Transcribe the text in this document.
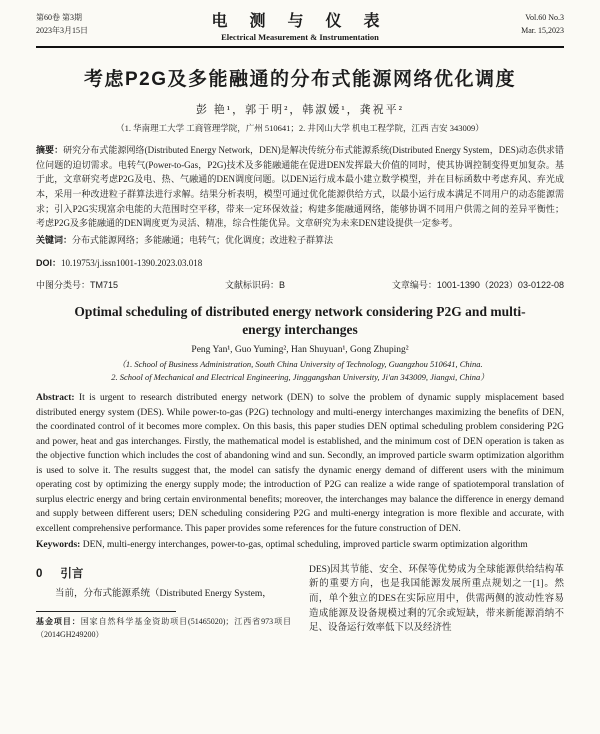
第60卷 第3期
2023年3月15日
电 测 与 仪 表
Electrical Measurement & Instrumentation
Vol.60 No.3
Mar. 15,2023
考虑P2G及多能融通的分布式能源网络优化调度
彭 艳¹，郭于明²，韩淑媛¹，龚祝平²
（1. 华南理工大学 工商管理学院，广州 510641；2. 井冈山大学 机电工程学院，江西 吉安 343009）

摘要：研究分布式能源网络(Distributed Energy Network，DEN)是解决传统分布式能源系统(Distributed Energy System，DES)动态供求错位问题的迫切需求。电转气(Power-to-Gas，P2G)技术及多能融通能在促进DEN发挥最大价值的同时，使其协调控制变得更加复杂。基于此，文章研究考虑P2G及电、热、气融通的DEN调度问题。以DEN运行成本最小建立数学模型，并在目标函数中考虑弃风、弃光成本，采用一种改进粒子群算法进行求解。结果分析表明，模型可通过优化能源供给方式，以最小运行成本满足不同用户的动态能源需求；引入P2G实现富余电能的大范围时空平移，带来一定环保效益；构建多能融通网络，能够协调不同用户供需之间的差异平衡性；考虑P2G及多能融通的DEN调度更为灵活、精准，综合性能优异。文章研究为未来DEN建设提供一定参考。

关键词：分布式能源网络；多能融通；电转气；优化调度；改进粒子群算法

DOI：10.19753/j.issn1001-1390.2023.03.018

中图分类号：TM715	文献标识码：B	文章编号：1001-1390（2023）03-0122-08
Optimal scheduling of distributed energy network considering P2G and multi-energy interchanges
Peng Yan¹, Guo Yuming², Han Shuyuan¹, Gong Zhuping²
（1. School of Business Administration, South China University of Technology, Guangzhou 510641, China.
2. School of Mechanical and Electrical Engineering, Jinggangshan University, Ji'an 343009, Jiangxi, China）

Abstract: It is urgent to research distributed energy network (DEN) to solve the problem of dynamic supply misplacement based distributed energy system (DES). While power-to-gas (P2G) technology and multi-energy interchanges maximizing the benefits of DEN, the coordinated control of it becomes more complex. On this basis, this paper studies DEN optimal scheduling problem considering P2G and power, heat and gas interchanges. Firstly, the mathematical model is established, and the minimum cost of DEN operation is taken as the objective function which includes the cost of abandoning wind and sun. Secondly, an improved particle swarm optimization algorithm is used to solve it. The results suggest that, the model can satisfy the dynamic energy demand of different users with the minimum operating cost by optimizing the energy supply mode; the introduction of P2G can realize a wide range of spatiotemporal translation of surplus electric energy and bring certain environmental benefits; moreover, the interchanges may balance the difference in energy demand and supply between different users; DEN scheduling considering P2G and multi-energy integration is more flexible and accurate, with excellent comprehensive performance. This paper provides some references for the future construction of DEN.

Keywords: DEN, multi-energy interchanges, power-to-gas, optimal scheduling, improved particle swarm optimization algorithm

0 引言

当前，分布式能源系统（Distributed Energy System，

基金项目：国家自然科学基金资助项目(51465020)；江西省973项目（2014GH249200）

DES)因其节能、安全、环保等优势成为全球能源供给结构革新的重要方向，也是我国能源发展所重点规划之一[1]。然而，单个独立的DES在实际应用中，供需两侧的波动性容易造成能源及设备规模过剩的冗余或短缺，带来新能源消纳不足、设备运行效率低下以及经济性
